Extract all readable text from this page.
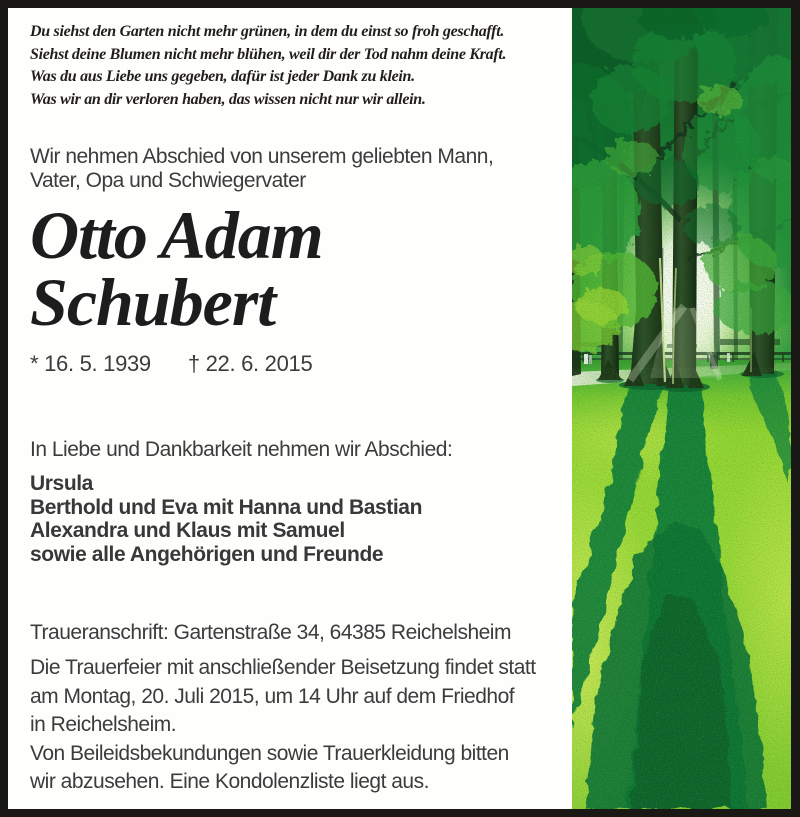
Du siehst den Garten nicht mehr grünen, in dem du einst so froh geschafft.
Siehst deine Blumen nicht mehr blühen, weil dir der Tod nahm deine Kraft.
Was du aus Liebe uns gegeben, dafür ist jeder Dank zu klein.
Was wir an dir verloren haben, das wissen nicht nur wir allein.
Wir nehmen Abschied von unserem geliebten Mann,
Vater, Opa und Schwiegervater
Otto Adam
Schubert
* 16. 5. 1939 † 22. 6. 2015
In Liebe und Dankbarkeit nehmen wir Abschied:
Ursula
Berthold und Eva mit Hanna und Bastian
Alexandra und Klaus mit Samuel
sowie alle Angehörigen und Freunde
Traueranschrift: Gartenstraße 34, 64385 Reichelsheim
Die Trauerfeier mit anschließender Beisetzung findet statt
am Montag, 20. Juli 2015, um 14 Uhr auf dem Friedhof
in Reichelsheim.
Von Beileidsbekundungen sowie Trauerkleidung bitten
wir abzusehen. Eine Kondolenzliste liegt aus.
